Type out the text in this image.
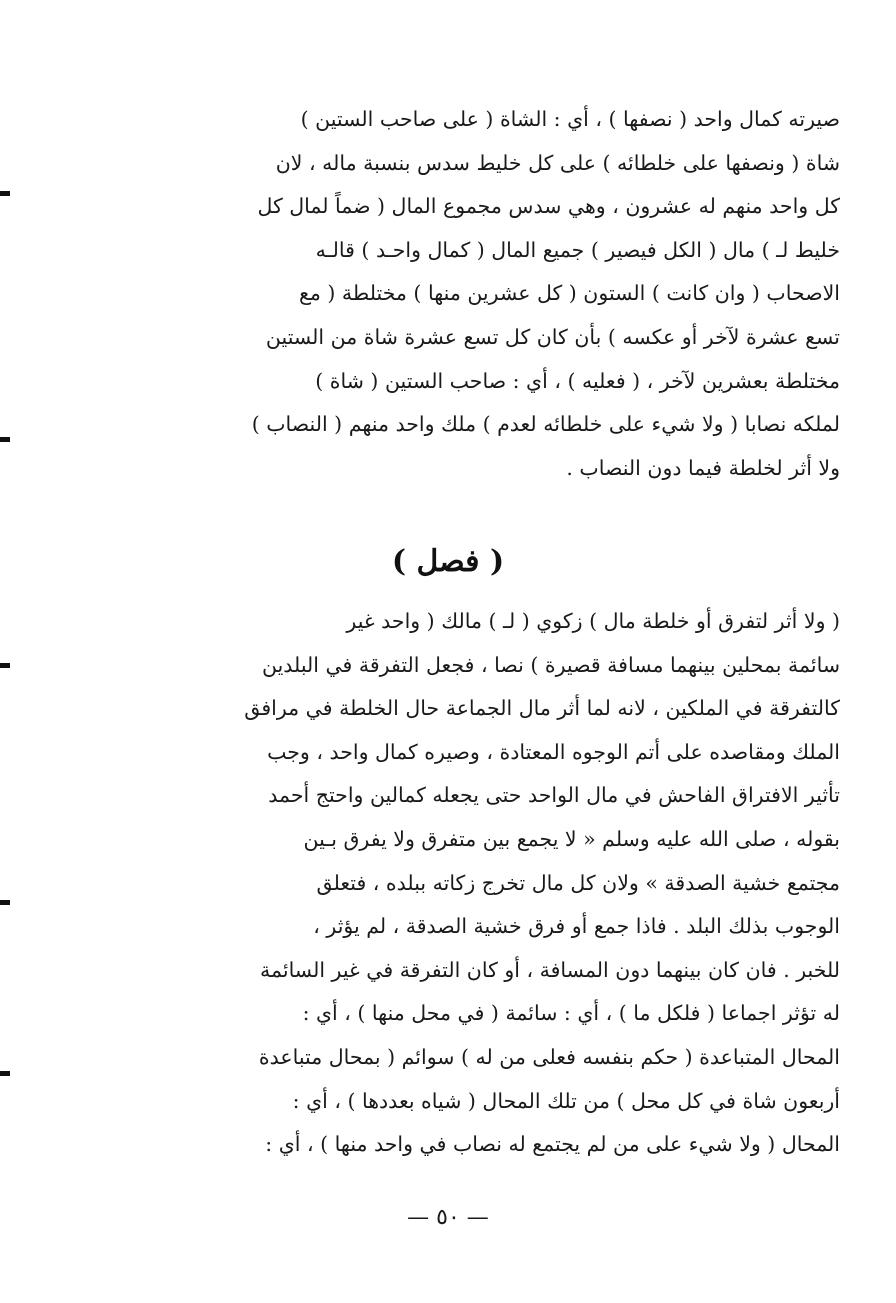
صيرته كمال واحد ( نصفها ) ، أي : الشاة ( على صاحب الستين )
شاة ( ونصفها على خلطائه ) على كل خليط سدس بنسبة ماله ، لان
كل واحد منهم له عشرون ، وهي سدس مجموع المال ( ضماً لمال كل
خليط لـ ) مال ( الكل فيصير ) جميع المال ( كمال واحـد ) قالـه
الاصحاب ( وان كانت ) الستون ( كل عشرين منها ) مختلطة ( مع
تسع عشرة لآخر أو عكسه ) بأن كان كل تسع عشرة شاة من الستين
مختلطة بعشرين لآخر ، ( فعليه ) ، أي : صاحب الستين ( شاة )
لملكه نصابا ( ولا شيء على خلطائه لعدم ) ملك واحد منهم ( النصاب )
ولا أثر لخلطة فيما دون النصاب .
( فصل )
( ولا أثر لتفرق أو خلطة مال ) زكوي ( لـ ) مالك ( واحد غير
سائمة بمحلين بينهما مسافة قصيرة ) نصا ، فجعل التفرقة في البلدين
كالتفرقة في الملكين ، لانه لما أثر مال الجماعة حال الخلطة في مرافق
الملك ومقاصده على أتم الوجوه المعتادة ، وصيره كمال واحد ، وجب
تأثير الافتراق الفاحش في مال الواحد حتى يجعله كمالين واحتج أحمد
بقوله ، صلى الله عليه وسلم « لا يجمع بين متفرق ولا يفرق بـين
مجتمع خشية الصدقة » ولان كل مال تخرج زكاته ببلده ، فتعلق
الوجوب بذلك البلد . فاذا جمع أو فرق خشية الصدقة ، لم يؤثر ،
للخبر . فان كان بينهما دون المسافة ، أو كان التفرقة في غير السائمة
له تؤثر اجماعا ( فلكل ما ) ، أي : سائمة ( في محل منها ) ، أي :
المحال المتباعدة ( حكم بنفسه فعلى من له ) سوائم ( بمحال متباعدة
أربعون شاة في كل محل ) من تلك المحال ( شياه بعددها ) ، أي :
المحال ( ولا شيء على من لم يجتمع له نصاب في واحد منها ) ، أي :
— ٥٠ —
